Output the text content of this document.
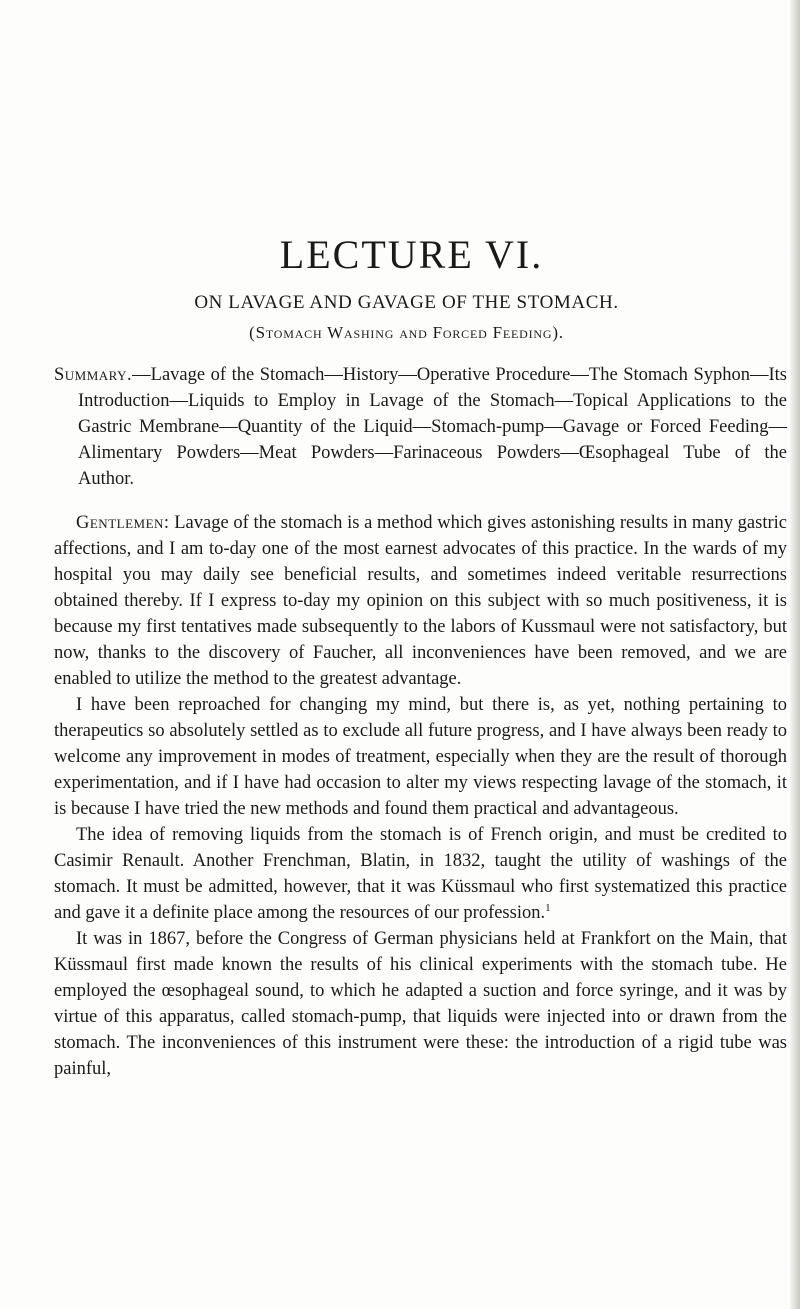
LECTURE VI.
ON LAVAGE AND GAVAGE OF THE STOMACH.
(Stomach Washing and Forced Feeding).
Summary.—Lavage of the Stomach—History—Operative Procedure—The Stomach Syphon—Its Introduction—Liquids to Employ in Lavage of the Stomach—Topical Applications to the Gastric Membrane—Quantity of the Liquid—Stomach-pump—Gavage or Forced Feeding—Alimentary Powders—Meat Powders—Farinaceous Powders—Œsophageal Tube of the Author.

Gentlemen: Lavage of the stomach is a method which gives astonishing results in many gastric affections, and I am to-day one of the most earnest advocates of this practice. In the wards of my hospital you may daily see beneficial results, and sometimes indeed veritable resurrections obtained thereby. If I express to-day my opinion on this subject with so much positiveness, it is because my first tentatives made subsequently to the labors of Kussmaul were not satisfactory, but now, thanks to the discovery of Faucher, all inconveniences have been removed, and we are enabled to utilize the method to the greatest advantage.

I have been reproached for changing my mind, but there is, as yet, nothing pertaining to therapeutics so absolutely settled as to exclude all future progress, and I have always been ready to welcome any improvement in modes of treatment, especially when they are the result of thorough experimentation, and if I have had occasion to alter my views respecting lavage of the stomach, it is because I have tried the new methods and found them practical and advantageous.

The idea of removing liquids from the stomach is of French origin, and must be credited to Casimir Renault. Another Frenchman, Blatin, in 1832, taught the utility of washings of the stomach. It must be admitted, however, that it was Küssmaul who first systematized this practice and gave it a definite place among the resources of our profession.$^1$

It was in 1867, before the Congress of German physicians held at Frankfort on the Main, that Küssmaul first made known the results of his clinical experiments with the stomach tube. He employed the œsophageal sound, to which he adapted a suction and force syringe, and it was by virtue of this apparatus, called stomach-pump, that liquids were injected into or drawn from the stomach. The inconveniences of this instrument were these: the introduction of a rigid tube was painful,
